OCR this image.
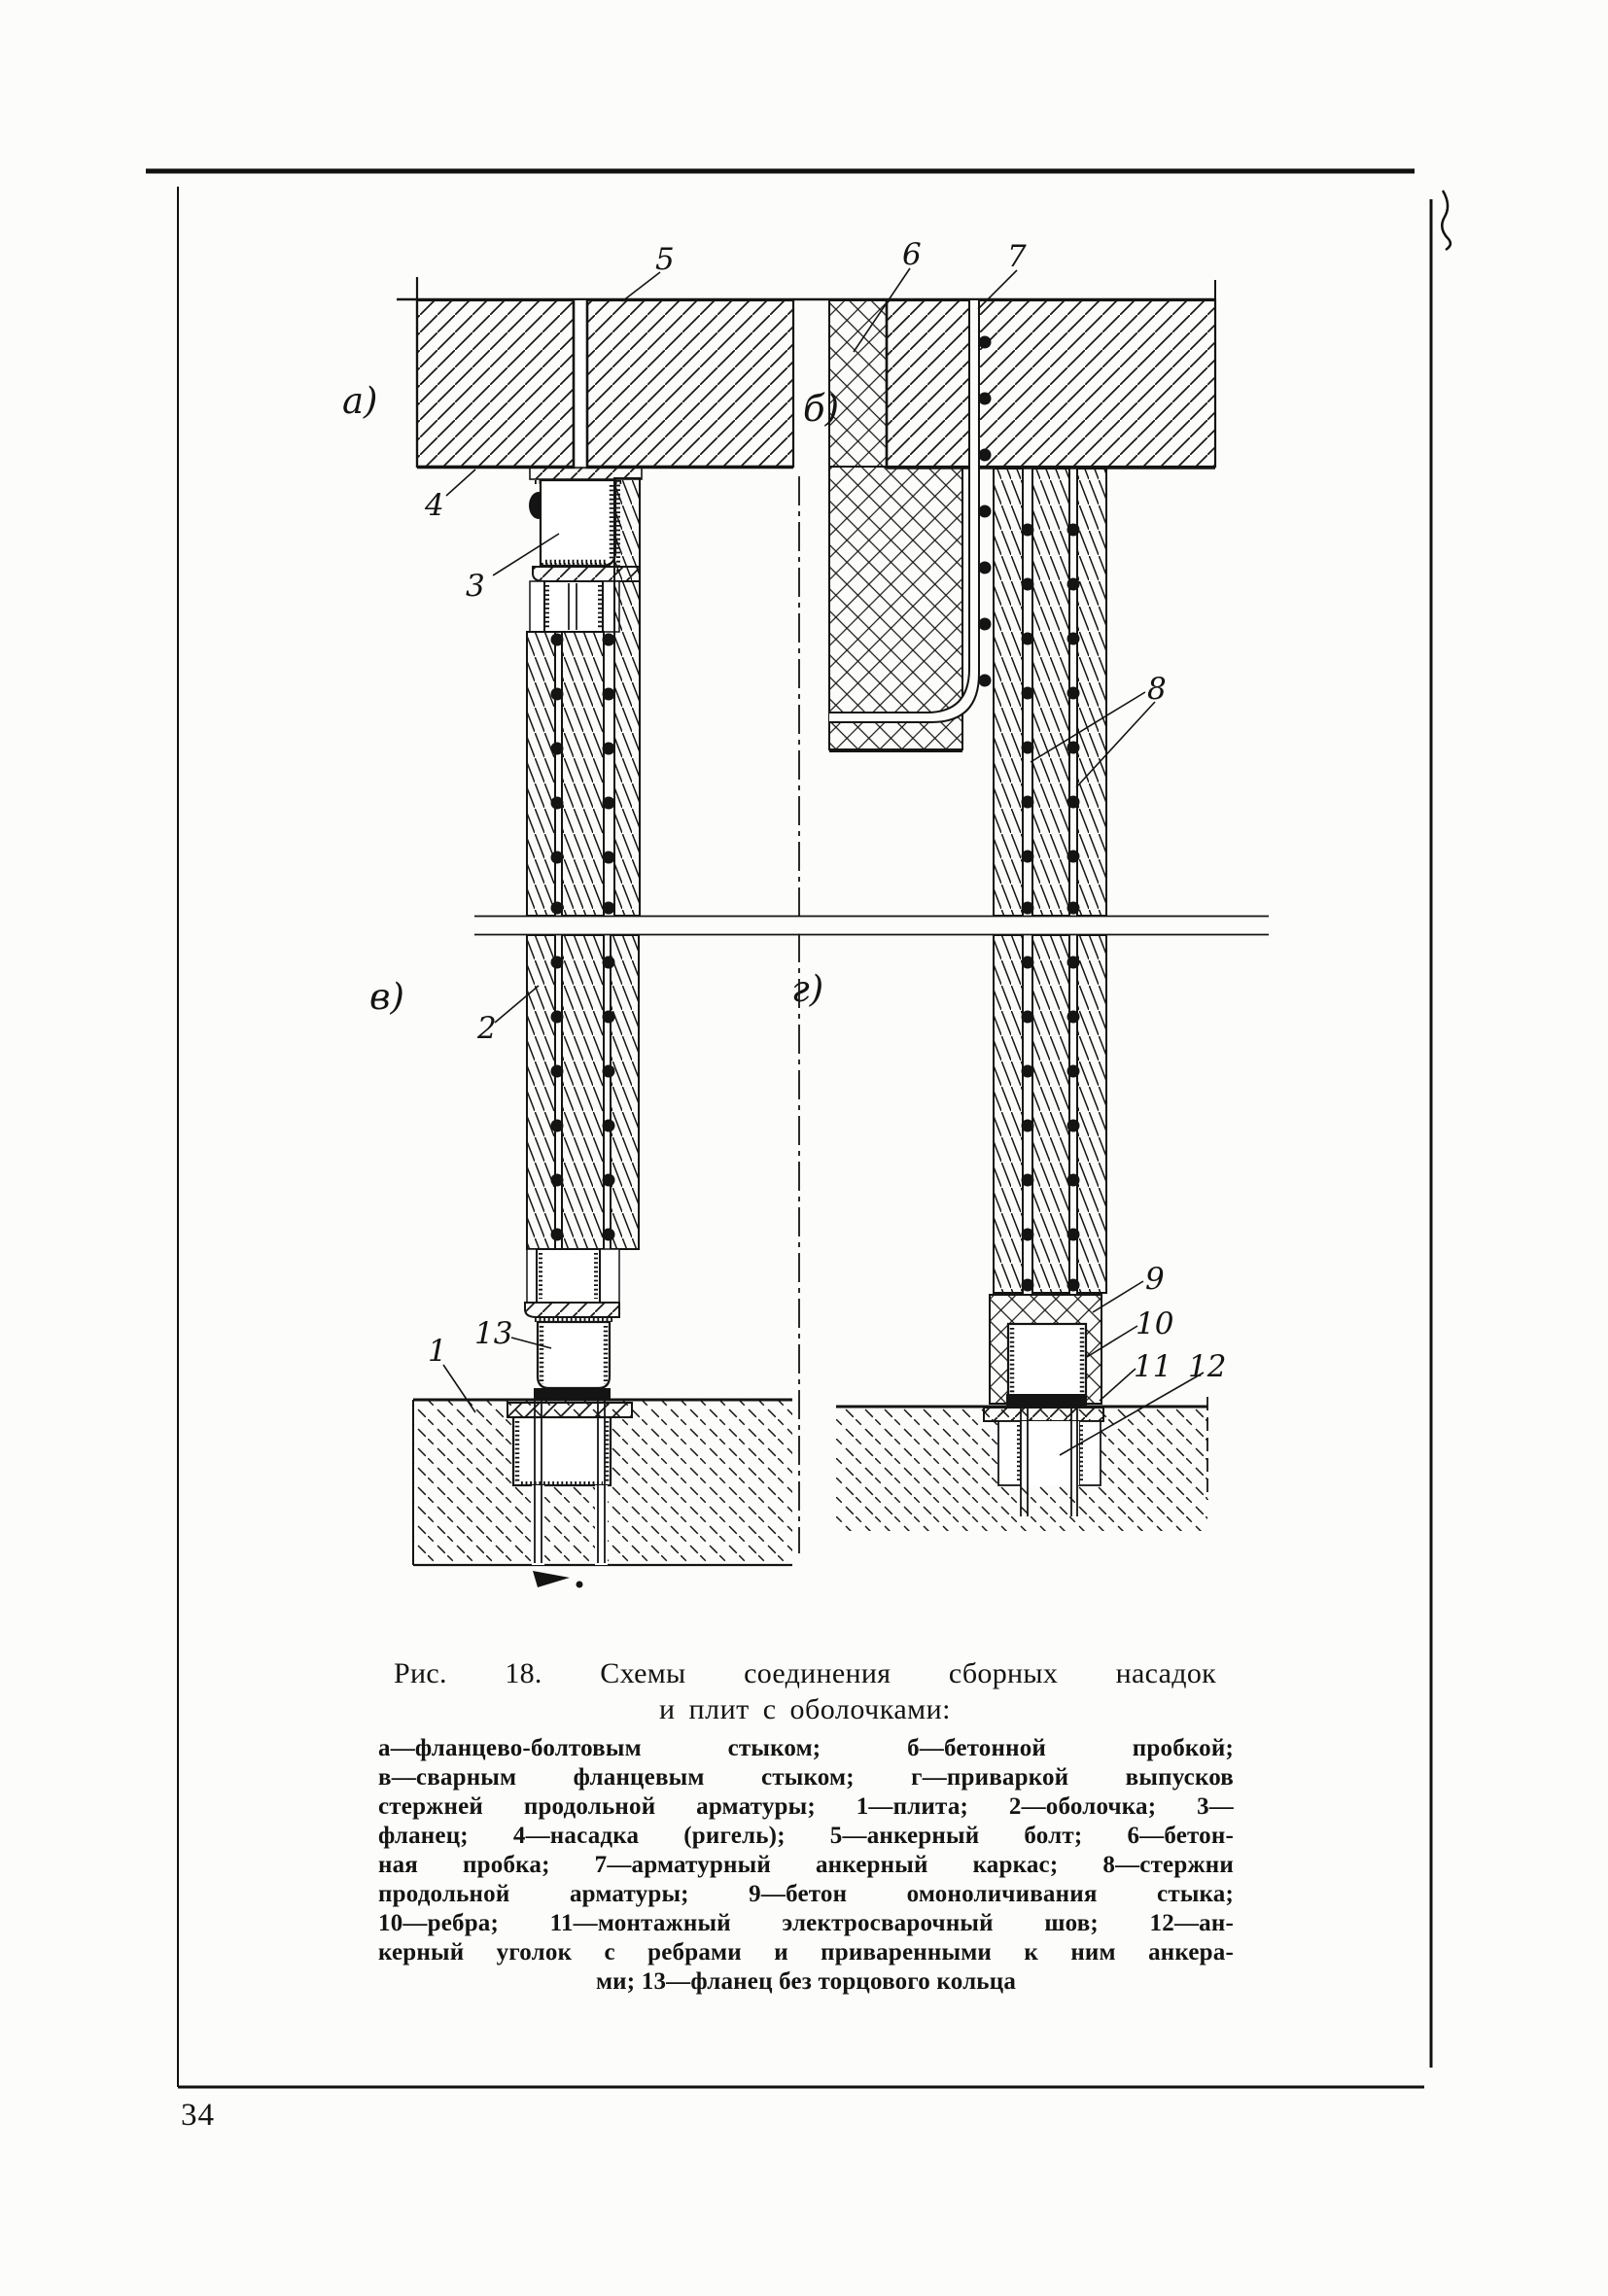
а)	б)
в)	г)
5	6	7
4
3
2
8
13
1
9
10
11 12
Рис. 18. Схемы соединения сборных насадок
и плит с оболочками:
а—фланцево-болтовым стыком; б—бетонной пробкой;
в—сварным фланцевым стыком; г—приваркой выпусков
стержней продольной арматуры; 1—плита; 2—оболочка; 3—
фланец; 4—насадка (ригель); 5—анкерный болт; 6—бетон-
ная пробка; 7—арматурный анкерный каркас; 8—стержни
продольной арматуры; 9—бетон омоноличивания стыка;
10—ребра; 11—монтажный электросварочный шов; 12—ан-
керный уголок с ребрами и приваренными к ним анкера-
ми; 13—фланец без торцового кольца
34
